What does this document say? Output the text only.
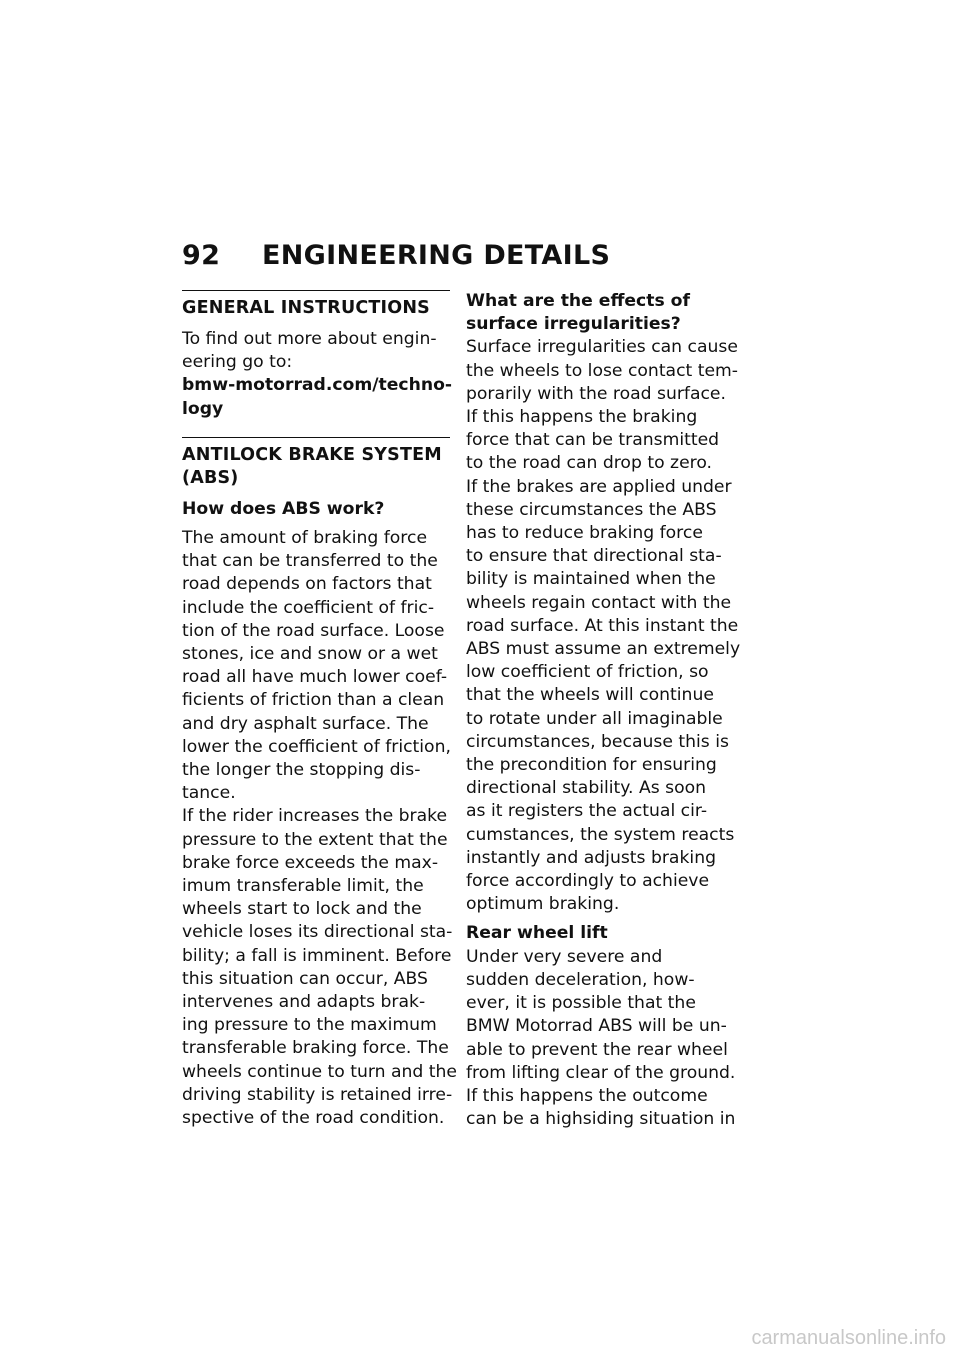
92 ENGINEERING DETAILS
GENERAL INSTRUCTIONS

To find out more about engin-
eering go to:

bmw-motorrad.com/techno-
logy

ANTILOCK BRAKE SYSTEM
(ABS)

How does ABS work?

The amount of braking force
that can be transferred to the
road depends on factors that
include the coefficient of fric-
tion of the road surface. Loose
stones, ice and snow or a wet
road all have much lower coef-
ficients of friction than a clean
and dry asphalt surface. The
lower the coefficient of friction,
the longer the stopping dis-
tance.

If the rider increases the brake
pressure to the extent that the
brake force exceeds the max-
imum transferable limit, the
wheels start to lock and the
vehicle loses its directional sta-
bility; a fall is imminent. Before
this situation can occur, ABS
intervenes and adapts brak-
ing pressure to the maximum
transferable braking force. The
wheels continue to turn and the
driving stability is retained irre-
spective of the road condition.

What are the effects of
surface irregularities?

Surface irregularities can cause
the wheels to lose contact tem-
porarily with the road surface.
If this happens the braking
force that can be transmitted
to the road can drop to zero.
If the brakes are applied under
these circumstances the ABS
has to reduce braking force
to ensure that directional sta-
bility is maintained when the
wheels regain contact with the
road surface. At this instant the
ABS must assume an extremely
low coefficient of friction, so
that the wheels will continue
to rotate under all imaginable
circumstances, because this is
the precondition for ensuring
directional stability. As soon
as it registers the actual cir-
cumstances, the system reacts
instantly and adjusts braking
force accordingly to achieve
optimum braking.

Rear wheel lift

Under very severe and
sudden deceleration, how-
ever, it is possible that the
BMW Motorrad ABS will be un-
able to prevent the rear wheel
from lifting clear of the ground.
If this happens the outcome
can be a highsiding situation in

carmanualsonline.info
